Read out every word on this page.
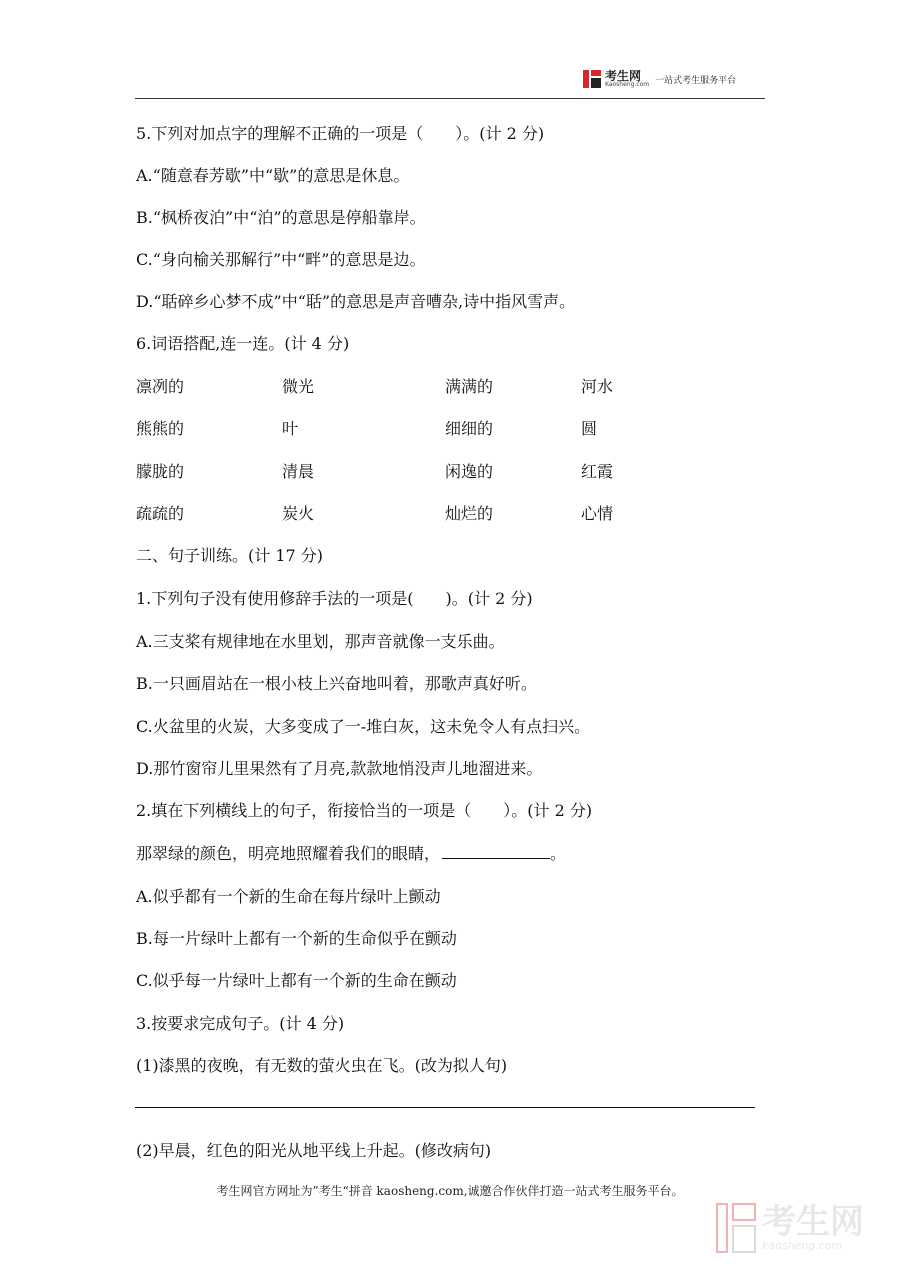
考生网
Kaosheng.com 一站式考生服务平台
5.下列对加点字的理解不正确的一项是（　　）。(计 2 分)
A.“随意春芳歇”中“歇”的意思是休息。
B.“枫桥夜泊”中“泊”的意思是停船靠岸。
C.“身向榆关那解行”中“畔”的意思是边。
D.“聒碎乡心梦不成”中“聒”的意思是声音嘈杂,诗中指风雪声。
6.词语搭配,连一连。(计 4 分)
凛冽的	微光	满满的	河水
熊熊的	叶	细细的	圆
朦胧的	清晨	闲逸的	红霞
疏疏的	炭火	灿烂的	心情
二、句子训练。(计 17 分)
1.下列句子没有使用修辞手法的一项是(　　)。(计 2 分)
A.三支桨有规律地在水里划，那声音就像一支乐曲。
B.一只画眉站在一根小枝上兴奋地叫着，那歌声真好听。
C.火盆里的火炭，大多变成了一-堆白灰，这未免令人有点扫兴。
D.那竹窗帘儿里果然有了月亮,款款地悄没声儿地溜进来。
2.填在下列横线上的句子，衔接恰当的一项是（　　）。(计 2 分)
那翠绿的颜色，明亮地照耀着我们的眼睛，	。
A.似乎都有一个新的生命在每片绿叶上颤动
B.每一片绿叶上都有一个新的生命似乎在颤动
C.似乎每一片绿叶上都有一个新的生命在颤动
3.按要求完成句子。(计 4 分)
(1)漆黑的夜晚，有无数的萤火虫在飞。(改为拟人句)
(2)早晨，红色的阳光从地平线上升起。(修改病句)
考生网官方网址为”考生“拼音 kaosheng.com,诚邀合作伙伴打造一站式考生服务平台。
考生网
kaosheng.com
